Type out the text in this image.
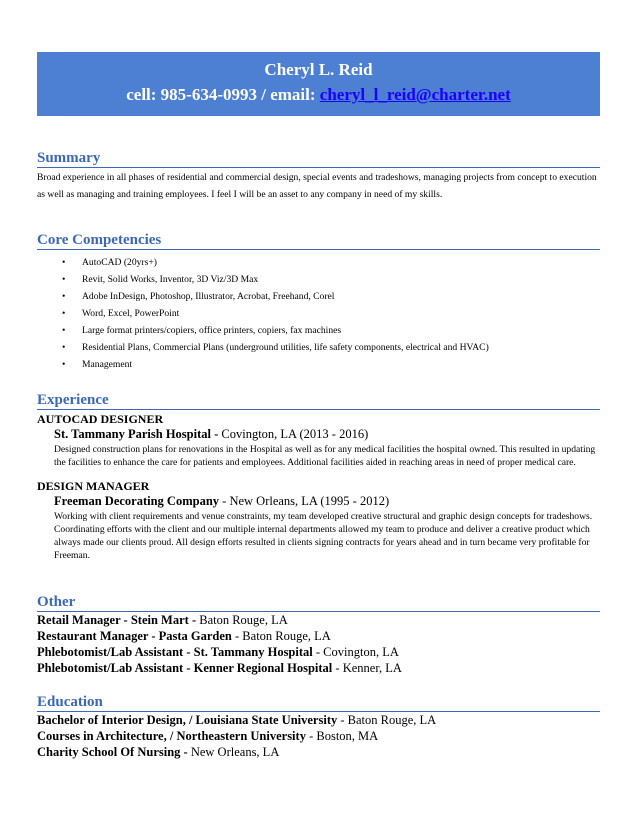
Cheryl L. Reid
cell: 985-634-0993 / email: cheryl_l_reid@charter.net
Summary
Broad experience in all phases of residential and commercial design, special events and tradeshows, managing projects from concept to execution as well as managing and training employees. I feel I will be an asset to any company in need of my skills.
Core Competencies
• AutoCAD (20yrs+)
• Revit, Solid Works, Inventor, 3D Viz/3D Max
• Adobe InDesign, Photoshop, Illustrator, Acrobat, Freehand, Corel
• Word, Excel, PowerPoint
• Large format printers/copiers, office printers, copiers, fax machines
• Residential Plans, Commercial Plans (underground utilities, life safety components, electrical and HVAC)
• Management
Experience
AUTOCAD DESIGNER
St. Tammany Parish Hospital - Covington, LA (2013 - 2016)
Designed construction plans for renovations in the Hospital as well as for any medical facilities the hospital owned. This resulted in updating the facilities to enhance the care for patients and employees. Additional facilities aided in reaching areas in need of proper medical care.
DESIGN MANAGER
Freeman Decorating Company - New Orleans, LA (1995 - 2012)
Working with client requirements and venue constraints, my team developed creative structural and graphic design concepts for tradeshows. Coordinating efforts with the client and our multiple internal departments allowed my team to produce and deliver a creative product which always made our clients proud. All design efforts resulted in clients signing contracts for years ahead and in turn became very profitable for Freeman.
Other
Retail Manager - Stein Mart - Baton Rouge, LA
Restaurant Manager - Pasta Garden - Baton Rouge, LA
Phlebotomist/Lab Assistant - St. Tammany Hospital - Covington, LA
Phlebotomist/Lab Assistant - Kenner Regional Hospital - Kenner, LA
Education
Bachelor of Interior Design, / Louisiana State University - Baton Rouge, LA
Courses in Architecture, / Northeastern University - Boston, MA
Charity School Of Nursing - New Orleans, LA
